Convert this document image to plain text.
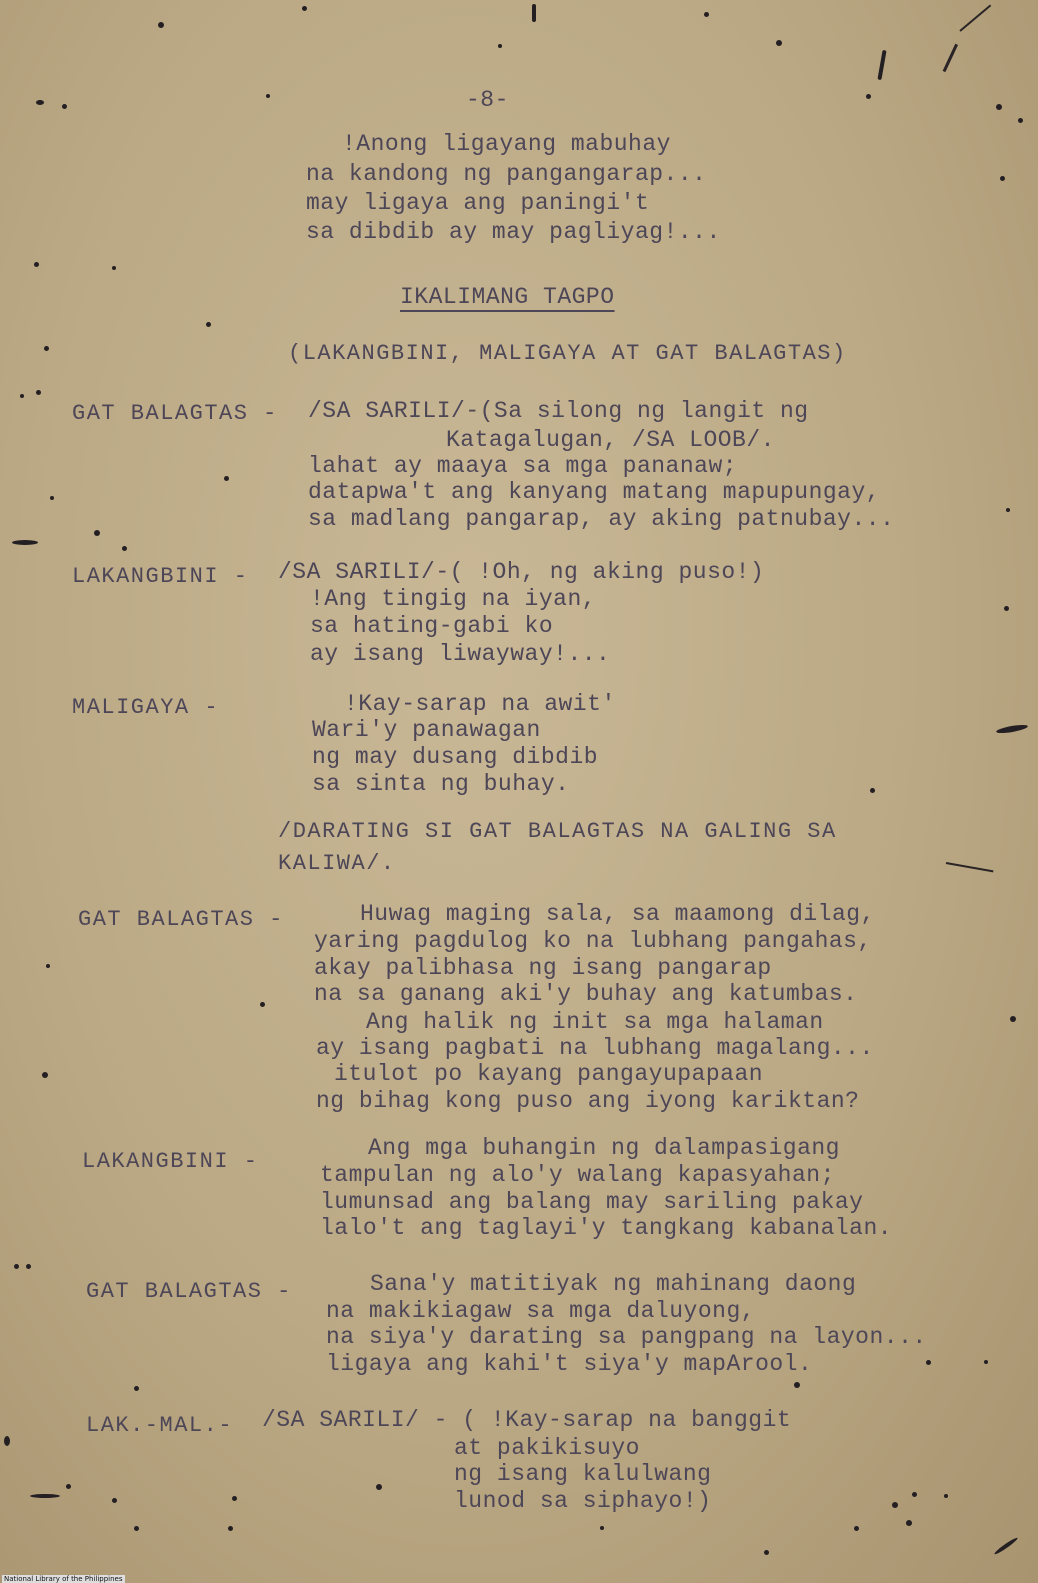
-8-
!Anong ligayang mabuhay
na kandong ng pangangarap...
may ligaya ang paningi't
sa dibdib ay may pagliyag!...
IKALIMANG TAGPO
(LAKANGBINI, MALIGAYA AT GAT BALAGTAS)
GAT BALAGTAS - /SA SARILI/-(Sa silong ng langit ng
Katagalugan, /SA LOOB/.
lahat ay maaya sa mga pananaw;
datapwa't ang kanyang matang mapupungay,
sa madlang pangarap, ay aking patnubay...
LAKANGBINI - /SA SARILI/-( !Oh, ng aking puso!)
!Ang tingig na iyan,
sa hating-gabi ko
ay isang liwayway!...
MALIGAYA -	!Kay-sarap na awit'
Wari'y panawagan
ng may dusang dibdib
sa sinta ng buhay.
/DARATING SI GAT BALAGTAS NA GALING SA
KALIWA/.
GAT BALAGTAS -	Huwag maging sala, sa maamong dilag,
yaring pagdulog ko na lubhang pangahas,
akay palibhasa ng isang pangarap
na sa ganang aki'y buhay ang katumbas.
Ang halik ng init sa mga halaman
ay isang pagbati na lubhang magalang...
itulot po kayang pangayupapaan
ng bihag kong puso ang iyong kariktan?
LAKANGBINI -
Ang mga buhangin ng dalampasigang
tampulan ng alo'y walang kapasyahan;
lumunsad ang balang may sariling pakay
lalo't ang taglayi'y tangkang kabanalan.
GAT BALAGTAS -	Sana'y matitiyak ng mahinang daong
na makikiagaw sa mga daluyong,
na siya'y darating sa pangpang na layon...
ligaya ang kahi't siya'y mapArool.
LAK.-MAL.- /SA SARILI/ - ( !Kay-sarap na banggit
at pakikisuyo
ng isang kalulwang
lunod sa siphayo!)
National Library of the Philippines
